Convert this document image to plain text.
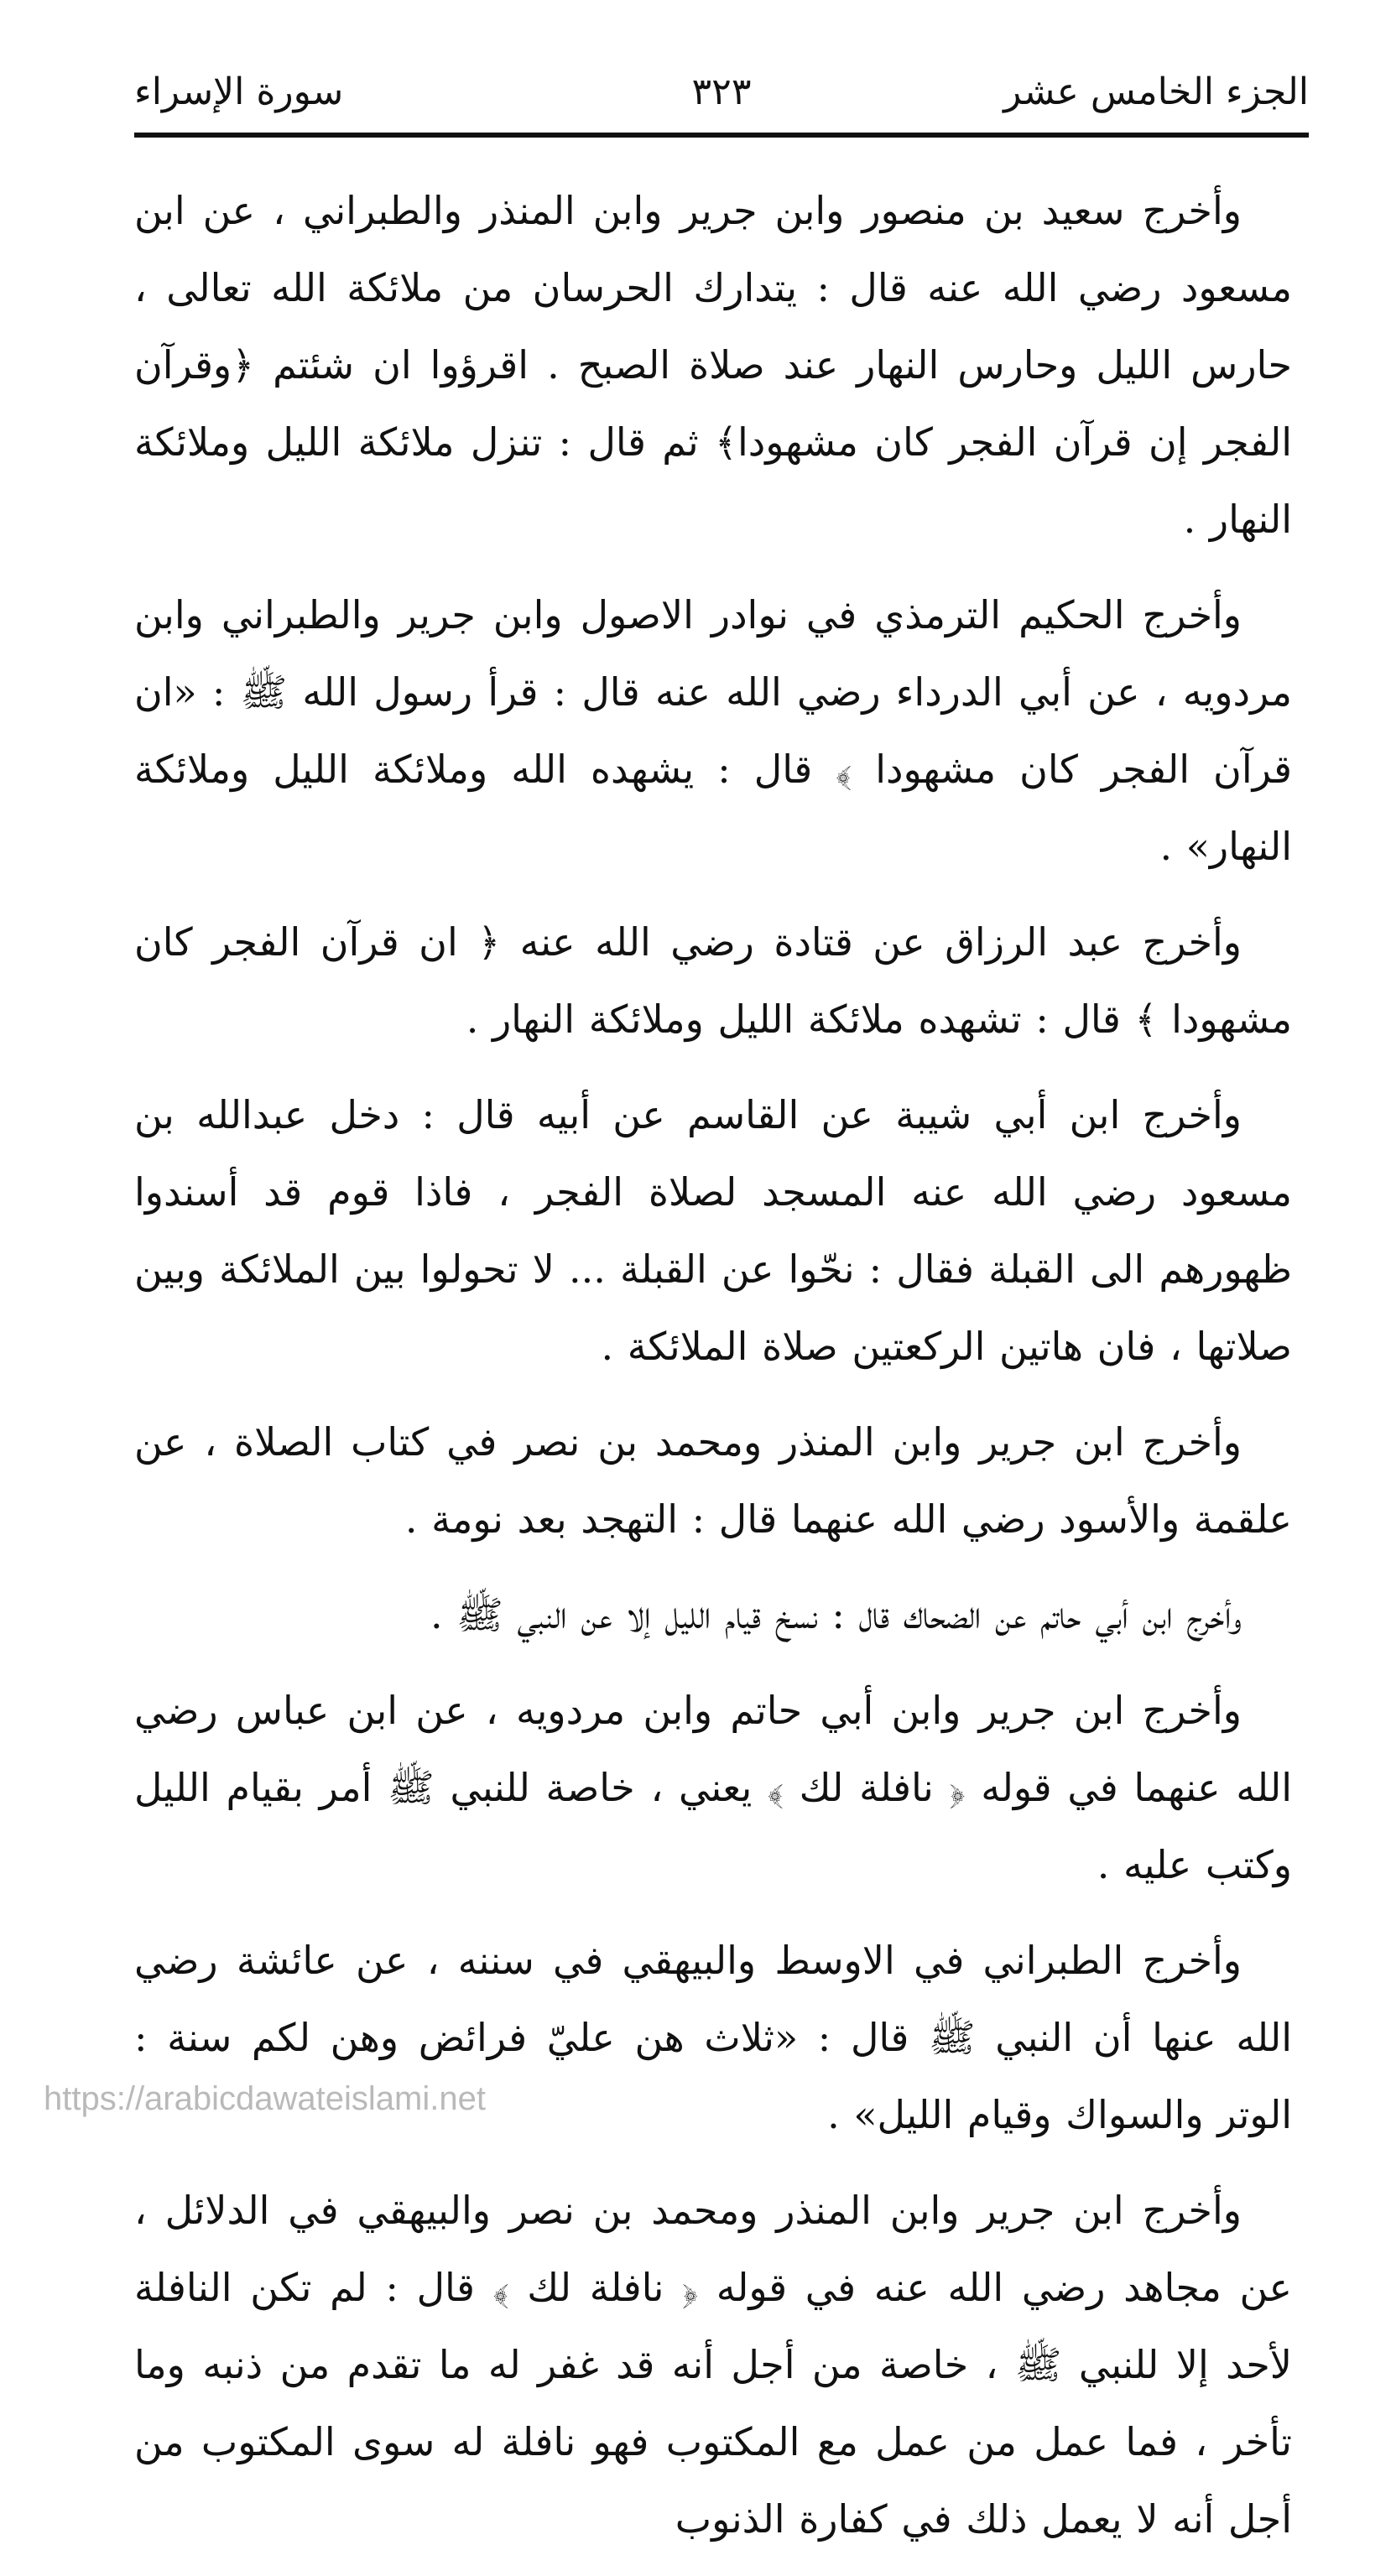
الجزء الخامس عشر
٣٢٣
سورة الإسراء

وأخرج سعيد بن منصور وابن جرير وابن المنذر والطبراني ، عن ابن مسعود رضي الله عنه قال : يتدارك الحرسان من ملائكة الله تعالى ، حارس الليل وحارس النهار عند صلاة الصبح . اقرؤوا ان شئتم ﴿وقرآن الفجر إن قرآن الفجر كان مشهودا﴾ ثم قال : تنزل ملائكة الليل وملائكة النهار .

وأخرج الحكيم الترمذي في نوادر الاصول وابن جرير والطبراني وابن مردويه ، عن أبي الدرداء رضي الله عنه قال : قرأ رسول الله ﷺ : «ان قرآن الفجر كان مشهودا ﴾ قال : يشهده الله وملائكة الليل وملائكة النهار» .

وأخرج عبد الرزاق عن قتادة رضي الله عنه ﴿ ان قرآن الفجر كان مشهودا ﴾ قال : تشهده ملائكة الليل وملائكة النهار .

وأخرج ابن أبي شيبة عن القاسم عن أبيه قال : دخل عبدالله بن مسعود رضي الله عنه المسجد لصلاة الفجر ، فاذا قوم قد أسندوا ظهورهم الى القبلة فقال : نحّوا عن القبلة ... لا تحولوا بين الملائكة وبين صلاتها ، فان هاتين الركعتين صلاة الملائكة .

وأخرج ابن جرير وابن المنذر ومحمد بن نصر في كتاب الصلاة ، عن علقمة والأسود رضي الله عنهما قال : التهجد بعد نومة .

وأخرج ابن أبي حاتم عن الضحاك قال : نسخ قيام الليل إلا عن النبي ﷺ .

وأخرج ابن جرير وابن أبي حاتم وابن مردويه ، عن ابن عباس رضي الله عنهما في قوله ﴿ نافلة لك ﴾ يعني ، خاصة للنبي ﷺ أمر بقيام الليل وكتب عليه .

وأخرج الطبراني في الاوسط والبيهقي في سننه ، عن عائشة رضي الله عنها أن النبي ﷺ قال : «ثلاث هن عليّ فرائض وهن لكم سنة : الوتر والسواك وقيام الليل» .

وأخرج ابن جرير وابن المنذر ومحمد بن نصر والبيهقي في الدلائل ، عن مجاهد رضي الله عنه في قوله ﴿ نافلة لك ﴾ قال : لم تكن النافلة لأحد إلا للنبي ﷺ ، خاصة من أجل أنه قد غفر له ما تقدم من ذنبه وما تأخر ، فما عمل من عمل مع المكتوب فهو نافلة له سوى المكتوب من أجل أنه لا يعمل ذلك في كفارة الذنوب

https://arabicdawateislami.net
